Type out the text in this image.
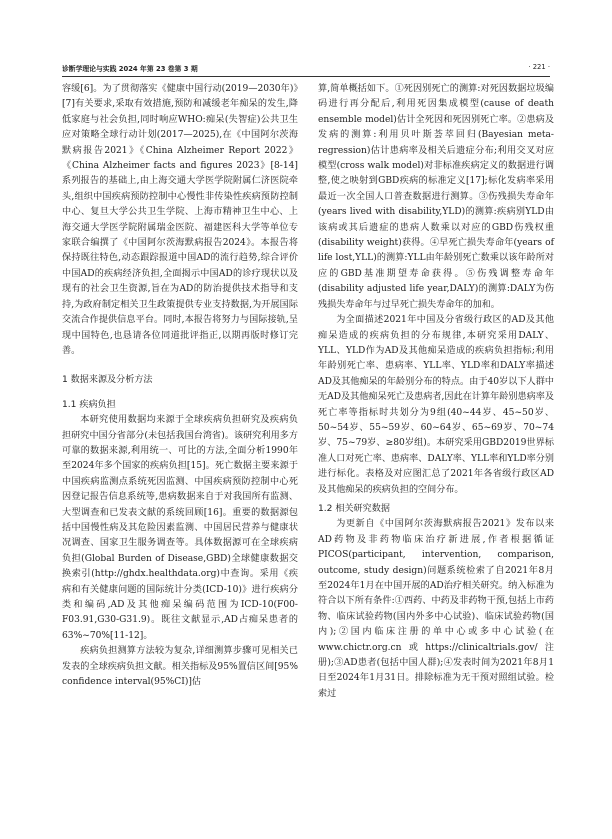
诊断学理论与实践 2024 年第 23 卷第 3 期	· 221 ·

容缓[6]。为了贯彻落实《健康中国行动(2019—2030年)》[7]有关要求,采取有效措施,预防和减缓老年痴呆的发生,降低家庭与社会负担,同时响应WHO:痴呆(失智症)公共卫生应对策略全球行动计划(2017—2025),在《中国阿尔茨海默病报告2021》《China Alzheimer Report 2022》《China Alzheimer facts and figures 2023》[8-14]系列报告的基础上,由上海交通大学医学院附属仁济医院牵头,组织中国疾病预防控制中心慢性非传染性疾病预防控制中心、复旦大学公共卫生学院、上海市精神卫生中心、上海交通大学医学院附属瑞金医院、福建医科大学等单位专家联合编撰了《中国阿尔茨海默病报告2024》。本报告将保持既往特色,动态跟踪报道中国AD的流行趋势,综合评价中国AD的疾病经济负担,全面揭示中国AD的诊疗现状以及现有的社会卫生资源,旨在为AD的防治提供技术指导和支持,为政府制定相关卫生政策提供专业支持数据,为开展国际交流合作提供信息平台。同时,本报告将努力与国际接轨,呈现中国特色,也恳请各位同道批评指正,以期再版时修订完善。

1 数据来源及分析方法
1.1 疾病负担

本研究使用数据均来源于全球疾病负担研究及疾病负担研究中国分省部分(未包括我国台湾省)。该研究利用多方可靠的数据来源,利用统一、可比的方法,全面分析1990年至2024年多个国家的疾病负担[15]。死亡数据主要来源于中国疾病监测点系统死因监测、中国疾病预防控制中心死因登记报告信息系统等,患病数据来自于对我国所有监测、大型调查和已发表文献的系统回顾[16]。重要的数据源包括中国慢性病及其危险因素监测、中国居民营养与健康状况调查、国家卫生服务调查等。具体数据源可在全球疾病负担(Global Burden of Disease,GBD)全球健康数据交换索引(http://ghdx.healthdata.org)中查询。采用《疾病和有关健康问题的国际统计分类(ICD-10)》进行疾病分类和编码,AD及其他痴呆编码范围为ICD-10(F00-F03.91,G30-G31.9)。既往文献显示,AD占痴呆患者的63%~70%[11-12]。

疾病负担测算方法较为复杂,详细测算步骤可见相关已发表的全球疾病负担文献。相关指标及95%置信区间[95% confidence interval(95%CI)]估

算,简单概括如下。①死因别死亡的测算:对死因数据垃圾编码进行再分配后,利用死因集成模型(cause of death ensemble model)估计全死因和死因别死亡率。②患病及发病的测算:利用贝叶斯荟萃回归(Bayesian meta-regression)估计患病率及相关后遗症分布;利用交叉对应模型(cross walk model)对非标准疾病定义的数据进行调整,使之映射到GBD疾病的标准定义[17];标化发病率采用最近一次全国人口普查数据进行测算。③伤残损失寿命年(years lived with disability,YLD)的测算:疾病别YLD由该病或其后遗症的患病人数乘以对应的GBD伤残权重(disability weight)获得。④早死亡损失寿命年(years of life lost,YLL)的测算:YLL由年龄别死亡数乘以该年龄所对应的GBD基准期望寿命获得。⑤伤残调整寿命年(disability adjusted life year,DALY)的测算:DALY为伤残损失寿命年与过早死亡损失寿命年的加和。

为全面描述2021年中国及分省级行政区的AD及其他痴呆造成的疾病负担的分布规律,本研究采用DALY、YLL、YLD作为AD及其他痴呆造成的疾病负担指标;利用年龄别死亡率、患病率、YLL率、YLD率和DALY率描述AD及其他痴呆的年龄别分布的特点。由于40岁以下人群中无AD及其他痴呆死亡及患病者,因此在计算年龄别患病率及死亡率等指标时共划分为9组(40~44岁、45~50岁、50~54岁、55~59岁、60~64岁、65~69岁、70~74岁、75~79岁、≥80岁组)。本研究采用GBD2019世界标准人口对死亡率、患病率、DALY率、YLL率和YLD率分别进行标化。表格及对应图汇总了2021年各省级行政区AD及其他痴呆的疾病负担的空间分布。

1.2 相关研究数据

为更新自《中国阿尔茨海默病报告2021》发布以来AD药物及非药物临床治疗新进展,作者根据循证PICOS(participant, intervention, comparison, outcome, study design)问题系统检索了自2021年8月至2024年1月在中国开展的AD治疗相关研究。纳入标准为符合以下所有条件:①西药、中药及非药物干预,包括上市药物、临床试验药物(国内外多中心试验)、临床试验药物(国内);②国内临床注册的单中心或多中心试验(在www.chictr.org.cn或https://clinicaltrials.gov/注册);③AD患者(包括中国人群);④发表时间为2021年8月1日至2024年1月31日。排除标准为无干预对照组试验。检索过
